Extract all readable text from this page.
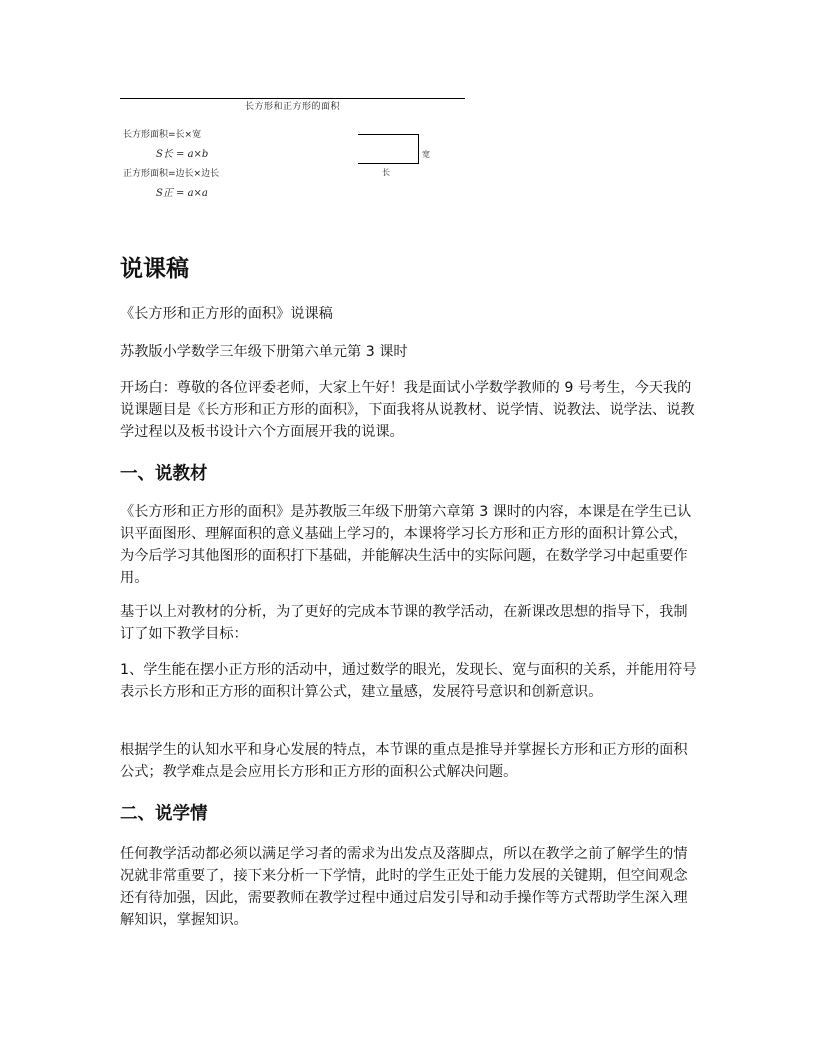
长方形和正方形的面积
长方形面积=长×宽
S长 = a×b
正方形面积=边长×边长
S正 = a×a
宽
长
说课稿

《长方形和正方形的面积》说课稿

苏教版小学数学三年级下册第六单元第 3 课时

开场白：尊敬的各位评委老师，大家上午好！我是面试小学数学教师的 9 号考生，今天我的说课题目是《长方形和正方形的面积》，下面我将从说教材、说学情、说教法、说学法、说教学过程以及板书设计六个方面展开我的说课。

一、说教材

《长方形和正方形的面积》是苏教版三年级下册第六章第 3 课时的内容，本课是在学生已认识平面图形、理解面积的意义基础上学习的，本课将学习长方形和正方形的面积计算公式，为今后学习其他图形的面积打下基础，并能解决生活中的实际问题，在数学学习中起重要作用。

基于以上对教材的分析，为了更好的完成本节课的教学活动，在新课改思想的指导下，我制订了如下教学目标：

1、学生能在摆小正方形的活动中，通过数学的眼光，发现长、宽与面积的关系，并能用符号表示长方形和正方形的面积计算公式，建立量感，发展符号意识和创新意识。

根据学生的认知水平和身心发展的特点，本节课的重点是推导并掌握长方形和正方形的面积公式；教学难点是会应用长方形和正方形的面积公式解决问题。

二、说学情

任何教学活动都必须以满足学习者的需求为出发点及落脚点，所以在教学之前了解学生的情况就非常重要了，接下来分析一下学情，此时的学生正处于能力发展的关键期，但空间观念还有待加强，因此，需要教师在教学过程中通过启发引导和动手操作等方式帮助学生深入理解知识，掌握知识。
